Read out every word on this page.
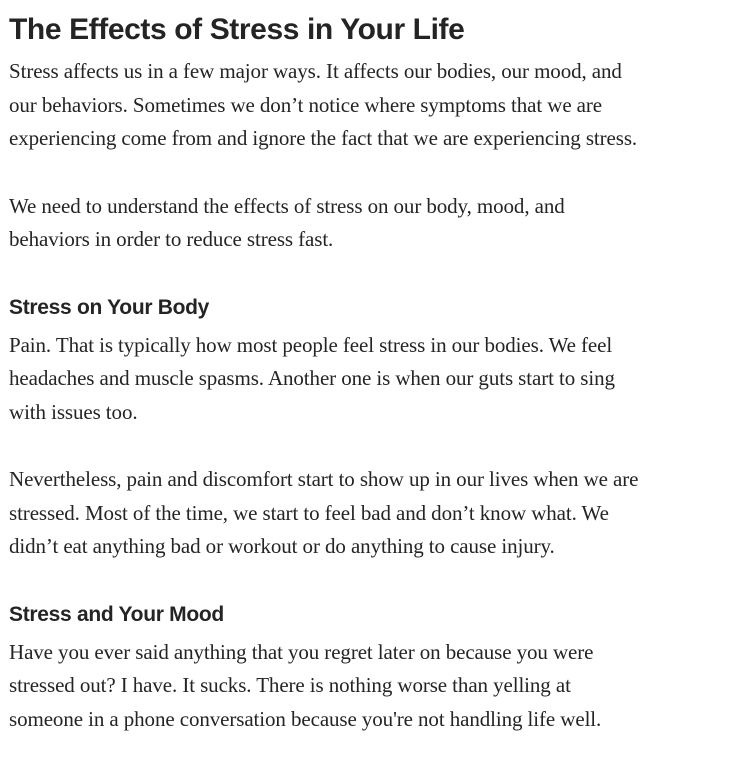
The Effects of Stress in Your Life

Stress affects us in a few major ways. It affects our bodies, our mood, and
our behaviors. Sometimes we don’t notice where symptoms that we are
experiencing come from and ignore the fact that we are experiencing stress.

We need to understand the effects of stress on our body, mood, and
behaviors in order to reduce stress fast.

Stress on Your Body

Pain. That is typically how most people feel stress in our bodies. We feel
headaches and muscle spasms. Another one is when our guts start to sing
with issues too.

Nevertheless, pain and discomfort start to show up in our lives when we are
stressed. Most of the time, we start to feel bad and don’t know what. We
didn’t eat anything bad or workout or do anything to cause injury.

Stress and Your Mood

Have you ever said anything that you regret later on because you were
stressed out? I have. It sucks. There is nothing worse than yelling at
someone in a phone conversation because you're not handling life well.
